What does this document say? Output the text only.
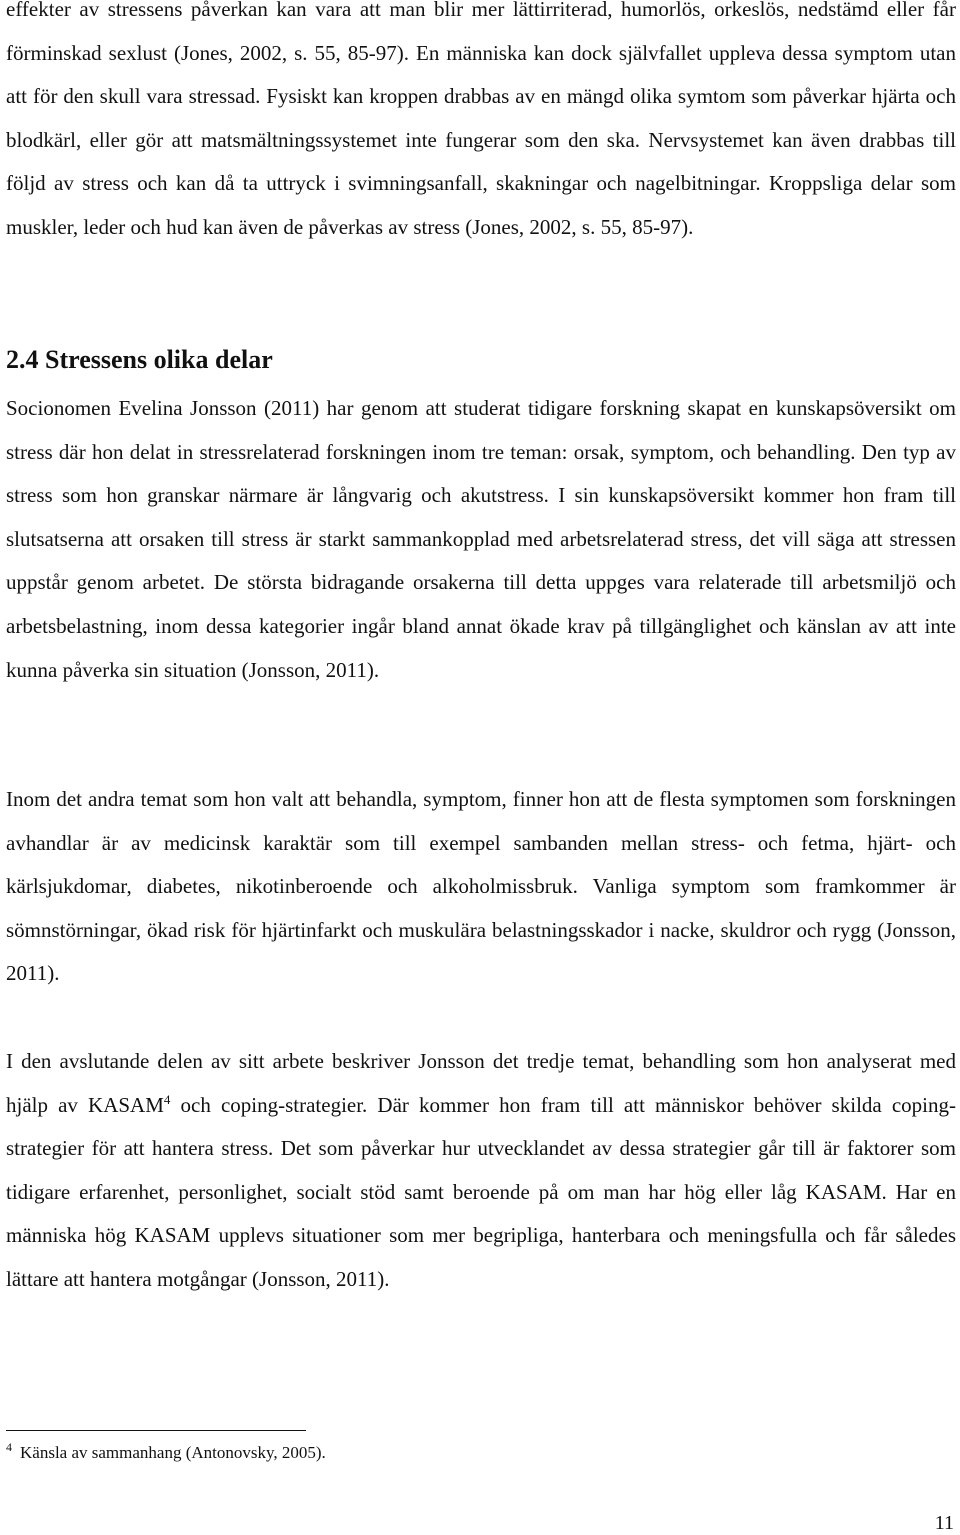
effekter av stressens påverkan kan vara att man blir mer lättirriterad, humorlös, orkeslös, nedstämd eller får förminskad sexlust (Jones, 2002, s. 55, 85-97). En människa kan dock självfallet uppleva dessa symptom utan att för den skull vara stressad. Fysiskt kan kroppen drabbas av en mängd olika symtom som påverkar hjärta och blodkärl, eller gör att matsmältningssystemet inte fungerar som den ska. Nervsystemet kan även drabbas till följd av stress och kan då ta uttryck i svimningsanfall, skakningar och nagelbitningar. Kroppsliga delar som muskler, leder och hud kan även de påverkas av stress (Jones, 2002, s. 55, 85-97).

2.4 Stressens olika delar

Socionomen Evelina Jonsson (2011) har genom att studerat tidigare forskning skapat en kunskapsöversikt om stress där hon delat in stressrelaterad forskningen inom tre teman: orsak, symptom, och behandling. Den typ av stress som hon granskar närmare är långvarig och akutstress. I sin kunskapsöversikt kommer hon fram till slutsatserna att orsaken till stress är starkt sammankopplad med arbetsrelaterad stress, det vill säga att stressen uppstår genom arbetet. De största bidragande orsakerna till detta uppges vara relaterade till arbetsmiljö och arbetsbelastning, inom dessa kategorier ingår bland annat ökade krav på tillgänglighet och känslan av att inte kunna påverka sin situation (Jonsson, 2011).

Inom det andra temat som hon valt att behandla, symptom, finner hon att de flesta symptomen som forskningen avhandlar är av medicinsk karaktär som till exempel sambanden mellan stress- och fetma, hjärt- och kärlsjukdomar, diabetes, nikotinberoende och alkoholmissbruk. Vanliga symptom som framkommer är sömnstörningar, ökad risk för hjärtinfarkt och muskulära belastningsskador i nacke, skuldror och rygg (Jonsson, 2011).

I den avslutande delen av sitt arbete beskriver Jonsson det tredje temat, behandling som hon analyserat med hjälp av KASAM$^4$ och coping-strategier. Där kommer hon fram till att människor behöver skilda coping-strategier för att hantera stress. Det som påverkar hur utvecklandet av dessa strategier går till är faktorer som tidigare erfarenhet, personlighet, socialt stöd samt beroende på om man har hög eller låg KASAM. Har en människa hög KASAM upplevs situationer som mer begripliga, hanterbara och meningsfulla och får således lättare att hantera motgångar (Jonsson, 2011).

$^4$ Känsla av sammanhang (Antonovsky, 2005).

11
